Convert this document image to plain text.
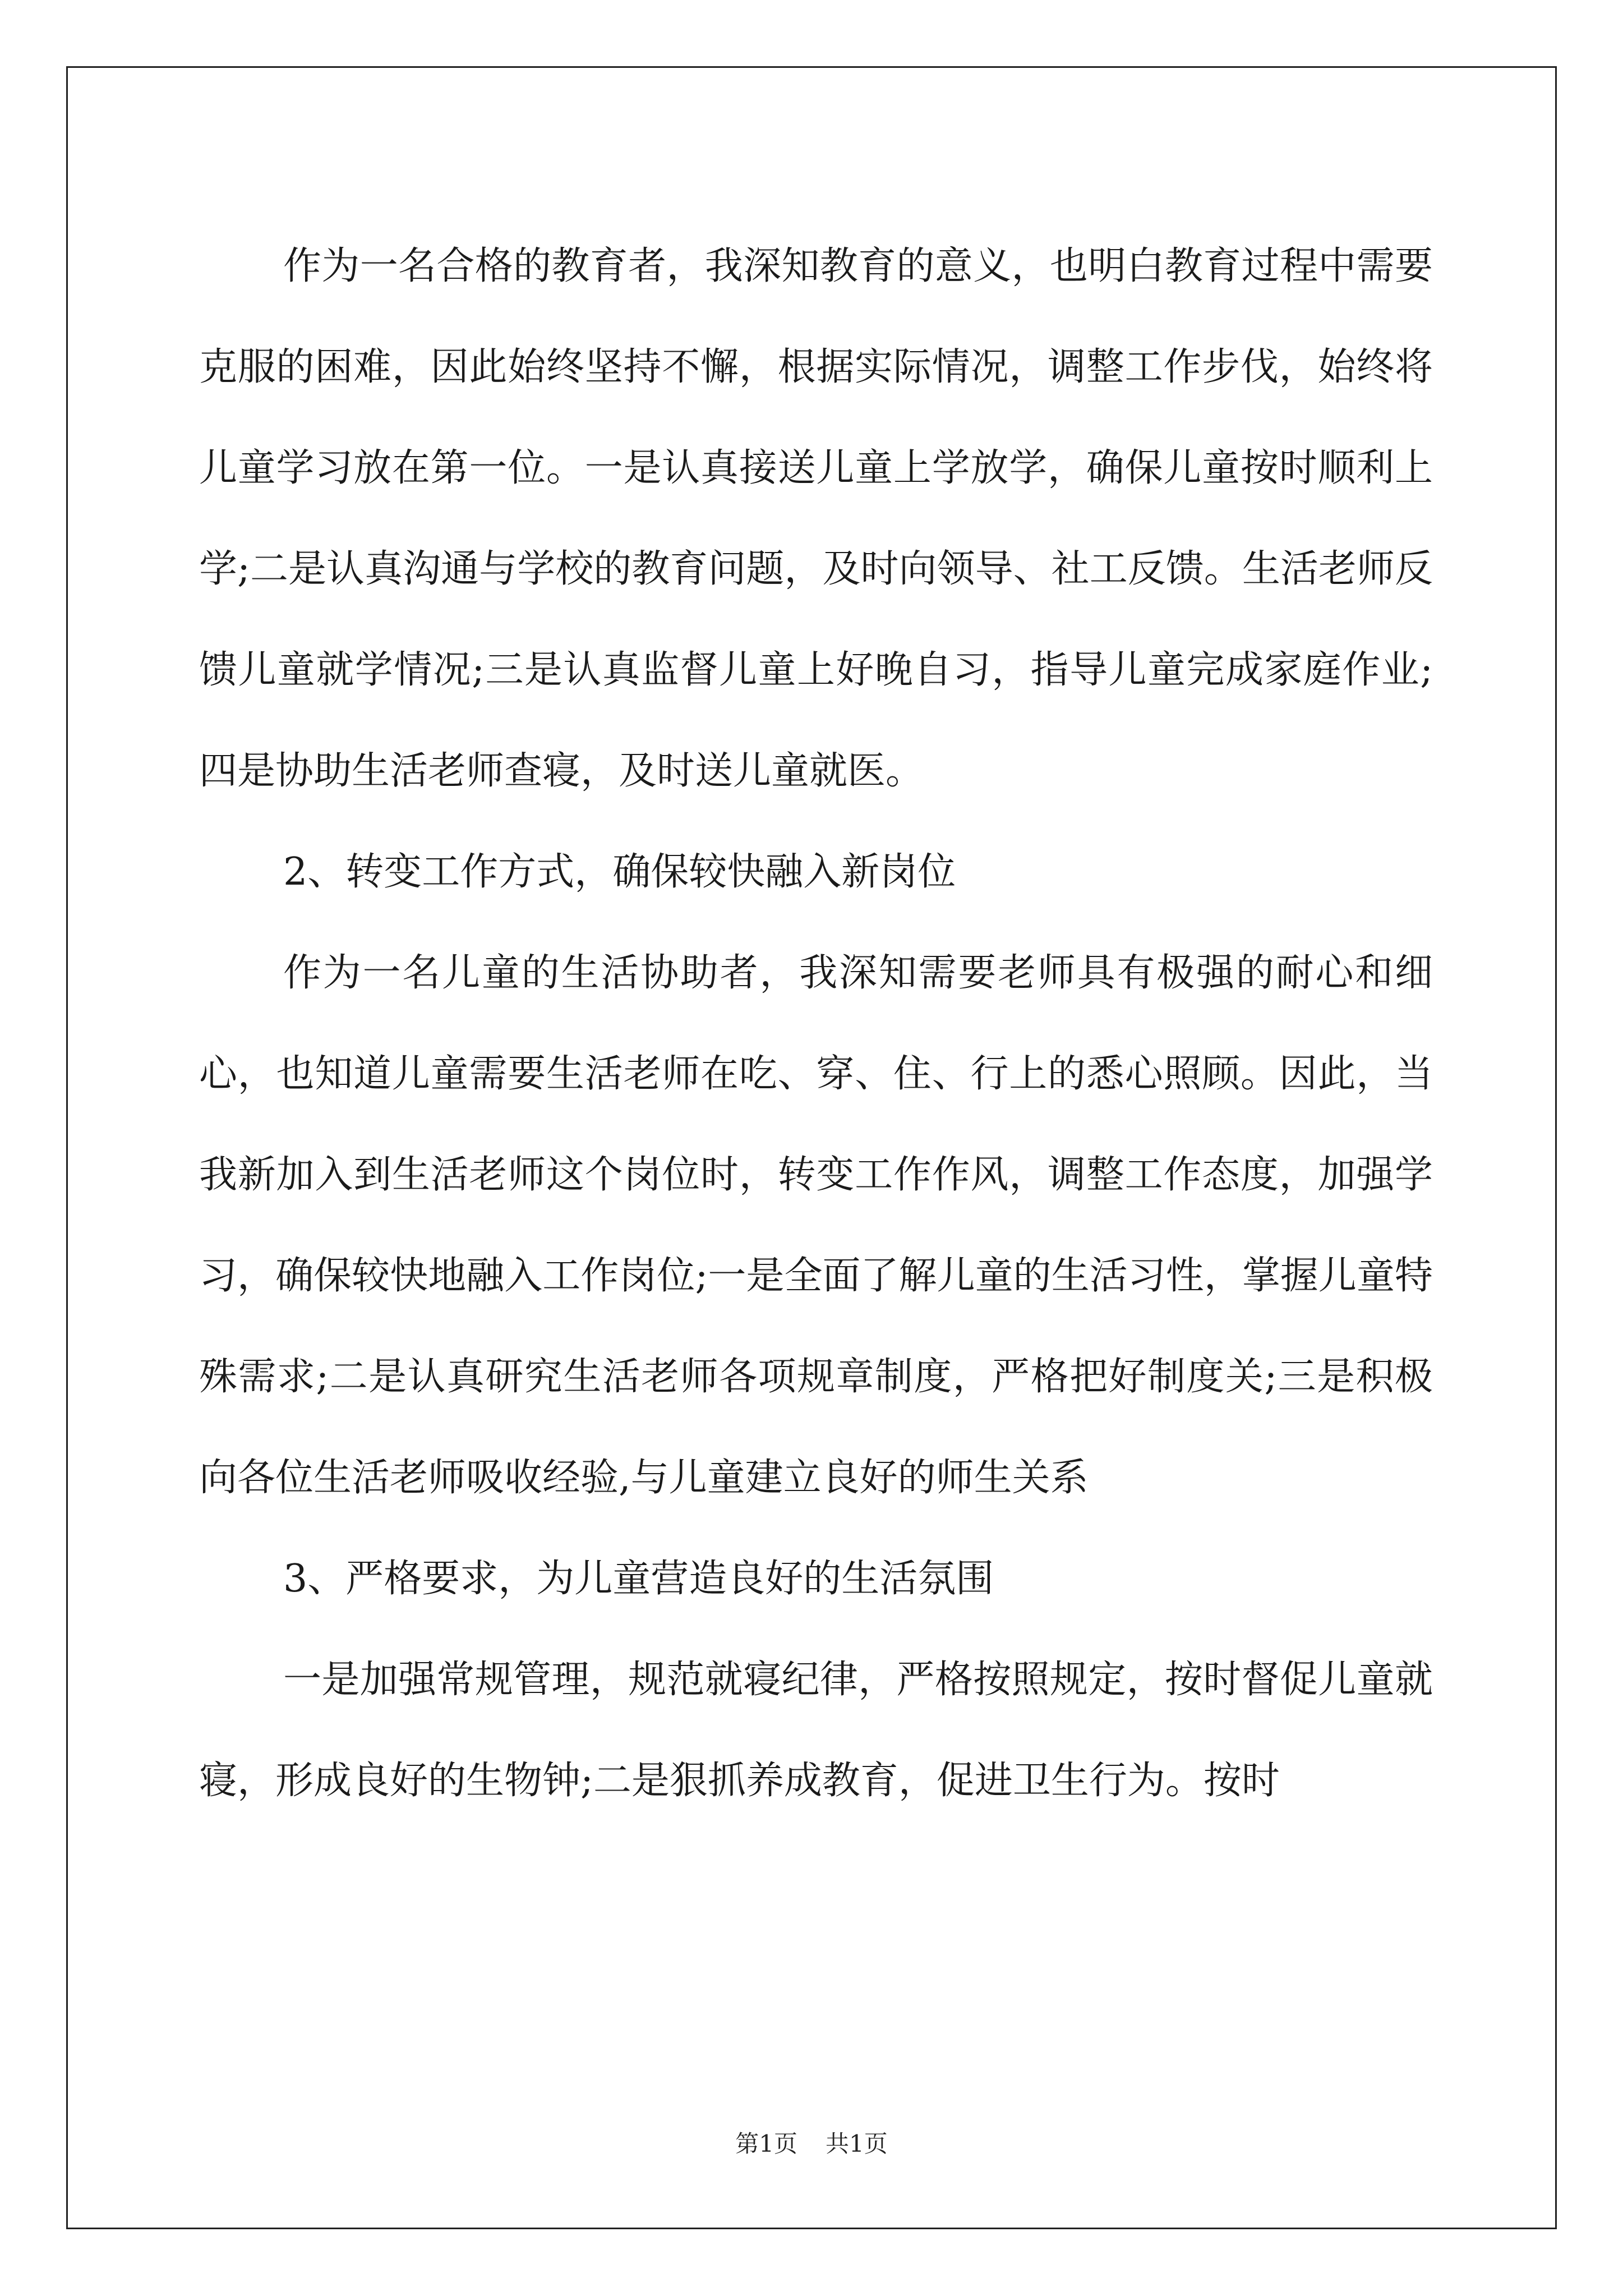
作为一名合格的教育者，我深知教育的意义，也明白教育过程中需要克服的困难，因此始终坚持不懈，根据实际情况，调整工作步伐，始终将儿童学习放在第一位。一是认真接送儿童上学放学，确保儿童按时顺利上学;二是认真沟通与学校的教育问题，及时向领导、社工反馈。生活老师反馈儿童就学情况;三是认真监督儿童上好晚自习，指导儿童完成家庭作业;四是协助生活老师查寝，及时送儿童就医。

2、转变工作方式，确保较快融入新岗位

作为一名儿童的生活协助者，我深知需要老师具有极强的耐心和细心，也知道儿童需要生活老师在吃、穿、住、行上的悉心照顾。因此，当我新加入到生活老师这个岗位时，转变工作作风，调整工作态度，加强学习，确保较快地融入工作岗位;一是全面了解儿童的生活习性，掌握儿童特殊需求;二是认真研究生活老师各项规章制度，严格把好制度关;三是积极向各位生活老师吸收经验,与儿童建立良好的师生关系

3、严格要求，为儿童营造良好的生活氛围

一是加强常规管理，规范就寝纪律，严格按照规定，按时督促儿童就寝，形成良好的生物钟;二是狠抓养成教育，促进卫生行为。按时

第1页 共1页
